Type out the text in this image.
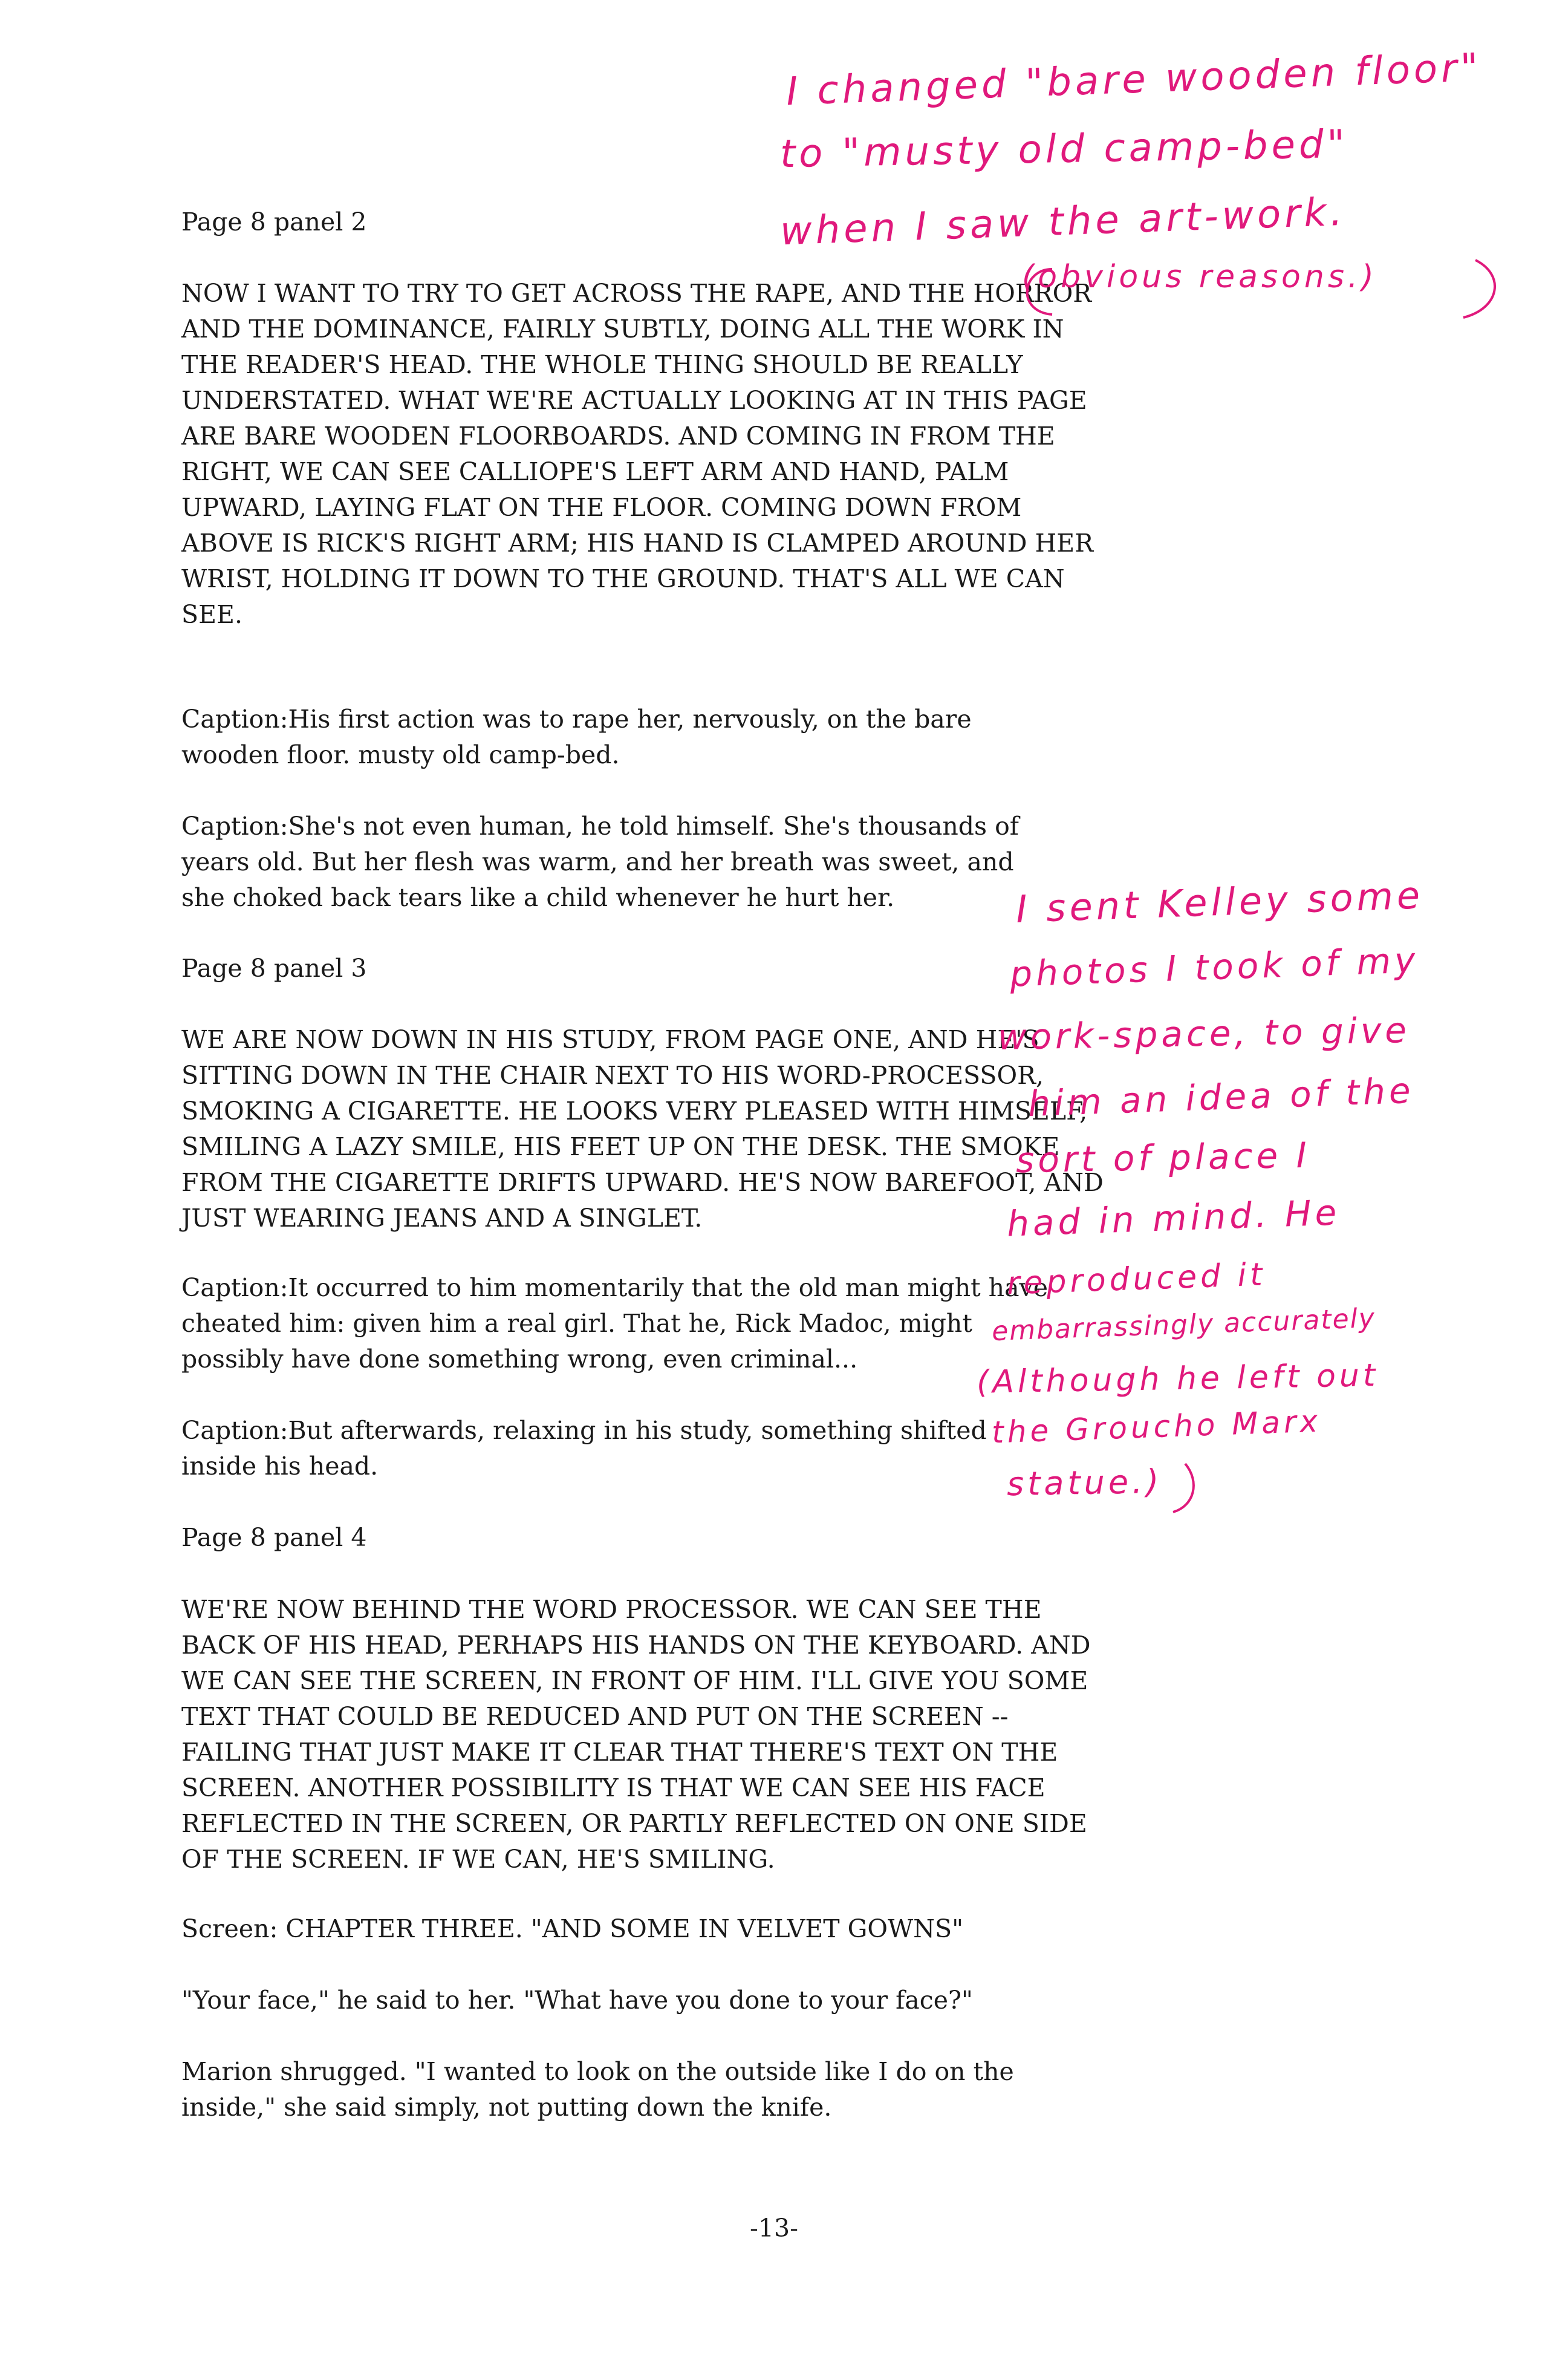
Page 8 panel 2

NOW I WANT TO TRY TO GET ACROSS THE RAPE, AND THE HORROR
AND THE DOMINANCE, FAIRLY SUBTLY, DOING ALL THE WORK IN
THE READER'S HEAD. THE WHOLE THING SHOULD BE REALLY
UNDERSTATED. WHAT WE'RE ACTUALLY LOOKING AT IN THIS PAGE
ARE BARE WOODEN FLOORBOARDS. AND COMING IN FROM THE
RIGHT, WE CAN SEE CALLIOPE'S LEFT ARM AND HAND, PALM
UPWARD, LAYING FLAT ON THE FLOOR. COMING DOWN FROM
ABOVE IS RICK'S RIGHT ARM; HIS HAND IS CLAMPED AROUND HER
WRIST, HOLDING IT DOWN TO THE GROUND. THAT'S ALL WE CAN
SEE.

Caption:His first action was to rape her, nervously, on the bare
wooden floor. musty old camp-bed.

Caption:She's not even human, he told himself. She's thousands of
years old. But her flesh was warm, and her breath was sweet, and
she choked back tears like a child whenever he hurt her.

Page 8 panel 3

WE ARE NOW DOWN IN HIS STUDY, FROM PAGE ONE, AND HE'S
SITTING DOWN IN THE CHAIR NEXT TO HIS WORD-PROCESSOR,
SMOKING A CIGARETTE. HE LOOKS VERY PLEASED WITH HIMSELF,
SMILING A LAZY SMILE, HIS FEET UP ON THE DESK. THE SMOKE
FROM THE CIGARETTE DRIFTS UPWARD. HE'S NOW BAREFOOT, AND
JUST WEARING JEANS AND A SINGLET.

Caption:It occurred to him momentarily that the old man might have
cheated him: given him a real girl. That he, Rick Madoc, might
possibly have done something wrong, even criminal...

Caption:But afterwards, relaxing in his study, something shifted
inside his head.

Page 8 panel 4

WE'RE NOW BEHIND THE WORD PROCESSOR. WE CAN SEE THE
BACK OF HIS HEAD, PERHAPS HIS HANDS ON THE KEYBOARD. AND
WE CAN SEE THE SCREEN, IN FRONT OF HIM. I'LL GIVE YOU SOME
TEXT THAT COULD BE REDUCED AND PUT ON THE SCREEN --
FAILING THAT JUST MAKE IT CLEAR THAT THERE'S TEXT ON THE
SCREEN. ANOTHER POSSIBILITY IS THAT WE CAN SEE HIS FACE
REFLECTED IN THE SCREEN, OR PARTLY REFLECTED ON ONE SIDE
OF THE SCREEN. IF WE CAN, HE'S SMILING.

Screen: CHAPTER THREE. "AND SOME IN VELVET GOWNS"

"Your face," he said to her. "What have you done to your face?"

Marion shrugged. "I wanted to look on the outside like I do on the
inside," she said simply, not putting down the knife.

-13-
I changed "bare wooden floor"
to "musty old camp-bed"
when I saw the art-work.
(obvious reasons.)
I sent Kelley some
photos I took of my
work-space, to give
him an idea of the
sort of place I
had in mind. He
reproduced it
embarrassingly accurately
(Although he left out
the Groucho Marx
statue.)
